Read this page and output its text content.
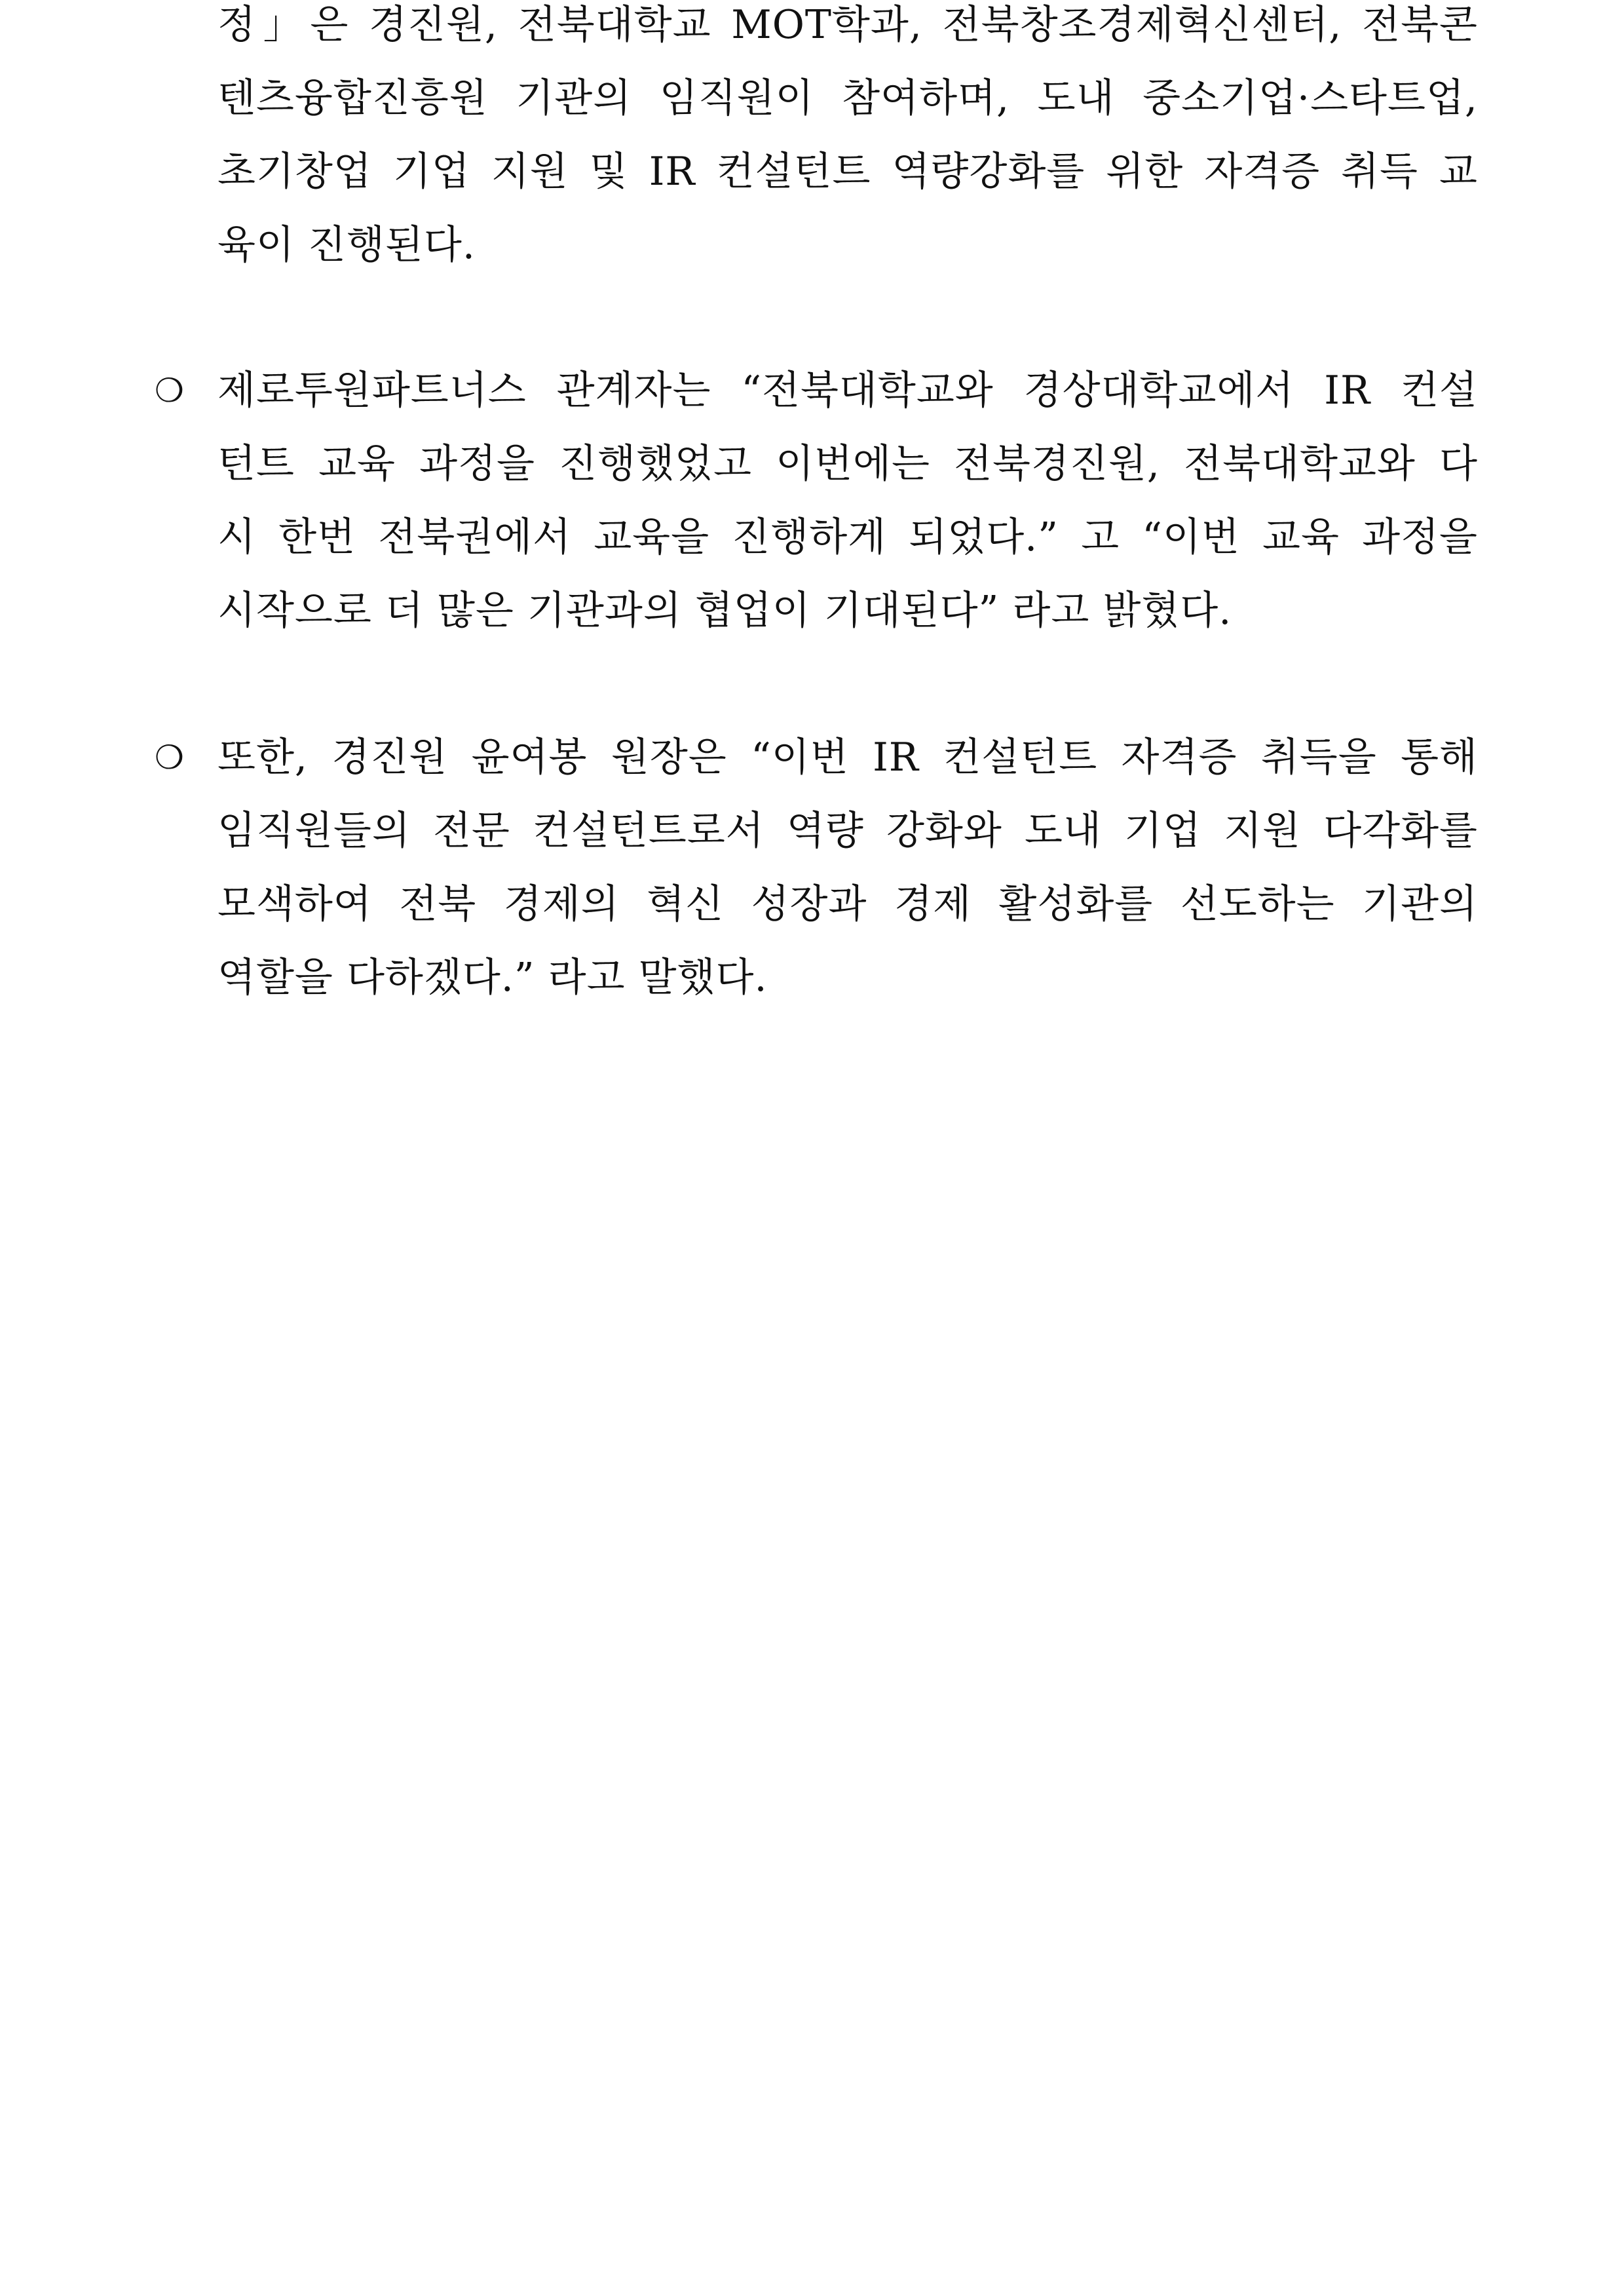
정」은 경진원, 전북대학교 MOT학과, 전북창조경제혁신센터, 전북콘
텐츠융합진흥원 기관의 임직원이 참여하며, 도내 중소기업·스타트업,
초기창업 기업 지원 및 IR 컨설턴트 역량강화를 위한 자격증 취득 교
육이 진행된다.
❍ 제로투원파트너스 관계자는 “전북대학교와 경상대학교에서 IR 컨설
턴트 교육 과정을 진행했었고 이번에는 전북경진원, 전북대학교와 다
시 한번 전북권에서 교육을 진행하게 되었다.” 고 “이번 교육 과정을
시작으로 더 많은 기관과의 협업이 기대된다” 라고 밝혔다.
❍ 또한, 경진원 윤여봉 원장은 “이번 IR 컨설턴트 자격증 취득을 통해
임직원들의 전문 컨설턴트로서 역량 강화와 도내 기업 지원 다각화를
모색하여 전북 경제의 혁신 성장과 경제 활성화를 선도하는 기관의
역할을 다하겠다.” 라고 말했다.
